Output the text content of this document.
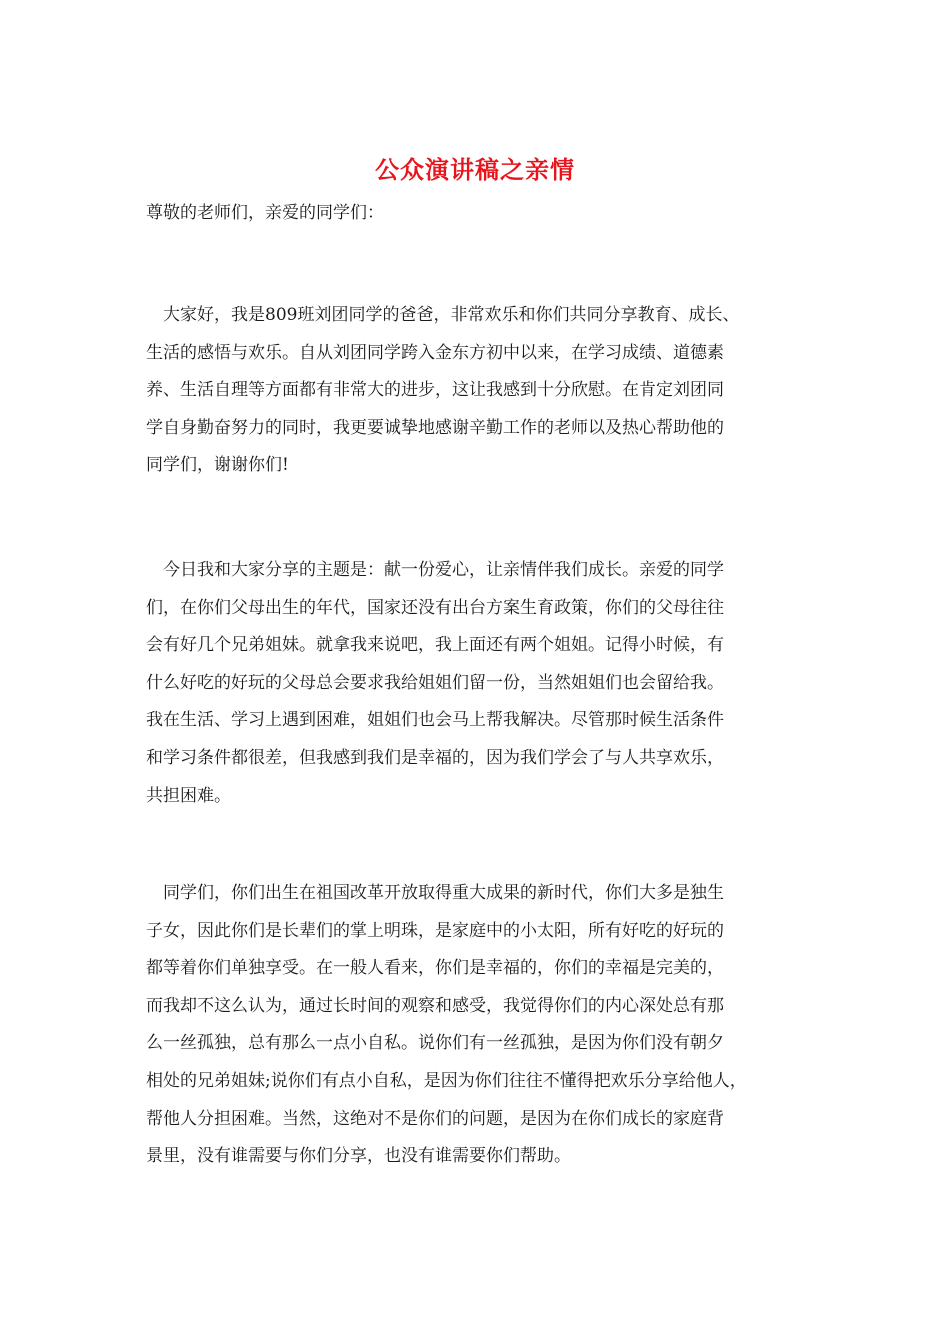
公众演讲稿之亲情
尊敬的老师们，亲爱的同学们：
　大家好，我是809班刘团同学的爸爸，非常欢乐和你们共同分享教育、成长、
生活的感悟与欢乐。自从刘团同学跨入金东方初中以来，在学习成绩、道德素
养、生活自理等方面都有非常大的进步，这让我感到十分欣慰。在肯定刘团同
学自身勤奋努力的同时，我更要诚挚地感谢辛勤工作的老师以及热心帮助他的
同学们，谢谢你们!
　今日我和大家分享的主题是：献一份爱心，让亲情伴我们成长。亲爱的同学
们，在你们父母出生的年代，国家还没有出台方案生育政策，你们的父母往往
会有好几个兄弟姐妹。就拿我来说吧，我上面还有两个姐姐。记得小时候，有
什么好吃的好玩的父母总会要求我给姐姐们留一份，当然姐姐们也会留给我。
我在生活、学习上遇到困难，姐姐们也会马上帮我解决。尽管那时候生活条件
和学习条件都很差，但我感到我们是幸福的，因为我们学会了与人共享欢乐，
共担困难。
　同学们，你们出生在祖国改革开放取得重大成果的新时代，你们大多是独生
子女，因此你们是长辈们的掌上明珠，是家庭中的小太阳，所有好吃的好玩的
都等着你们单独享受。在一般人看来，你们是幸福的，你们的幸福是完美的，
而我却不这么认为，通过长时间的观察和感受，我觉得你们的内心深处总有那
么一丝孤独，总有那么一点小自私。说你们有一丝孤独，是因为你们没有朝夕
相处的兄弟姐妹;说你们有点小自私，是因为你们往往不懂得把欢乐分享给他人，
帮他人分担困难。当然，这绝对不是你们的问题，是因为在你们成长的家庭背
景里，没有谁需要与你们分享，也没有谁需要你们帮助。
